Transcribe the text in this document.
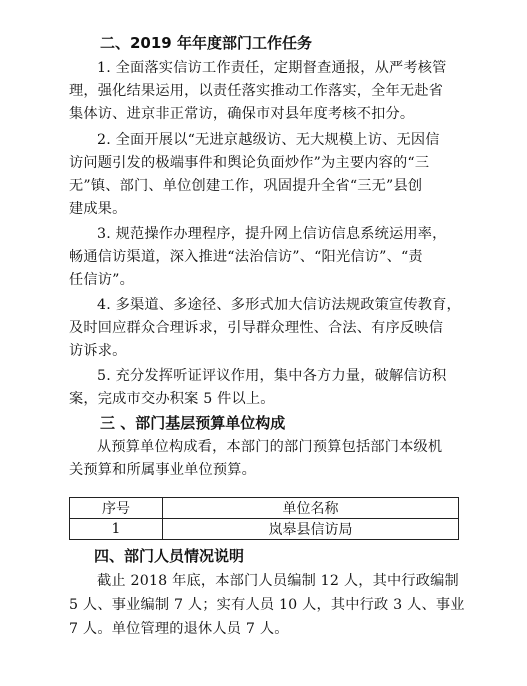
二、2019 年年度部门工作任务
1. 全面落实信访工作责任，定期督查通报，从严考核管
理，强化结果运用，以责任落实推动工作落实，全年无赴省
集体访、进京非正常访，确保市对县年度考核不扣分。
2. 全面开展以“无进京越级访、无大规模上访、无因信
访问题引发的极端事件和舆论负面炒作”为主要内容的“三
无”镇、部门、单位创建工作，巩固提升全省“三无”县创
建成果。
3. 规范操作办理程序，提升网上信访信息系统运用率，
畅通信访渠道，深入推进“法治信访”、“阳光信访”、“责
任信访”。
4. 多渠道、多途径、多形式加大信访法规政策宣传教育，
及时回应群众合理诉求，引导群众理性、合法、有序反映信
访诉求。
5. 充分发挥听证评议作用，集中各方力量，破解信访积
案，完成市交办积案 5 件以上。
三 、部门基层预算单位构成
从预算单位构成看，本部门的部门预算包括部门本级机
关预算和所属事业单位预算。
序号	单位名称
1	岚皋县信访局
四、部门人员情况说明
截止 2018 年底，本部门人员编制 12 人，其中行政编制
5 人、事业编制 7 人；实有人员 10 人，其中行政 3 人、事业
7 人。单位管理的退休人员 7 人。
